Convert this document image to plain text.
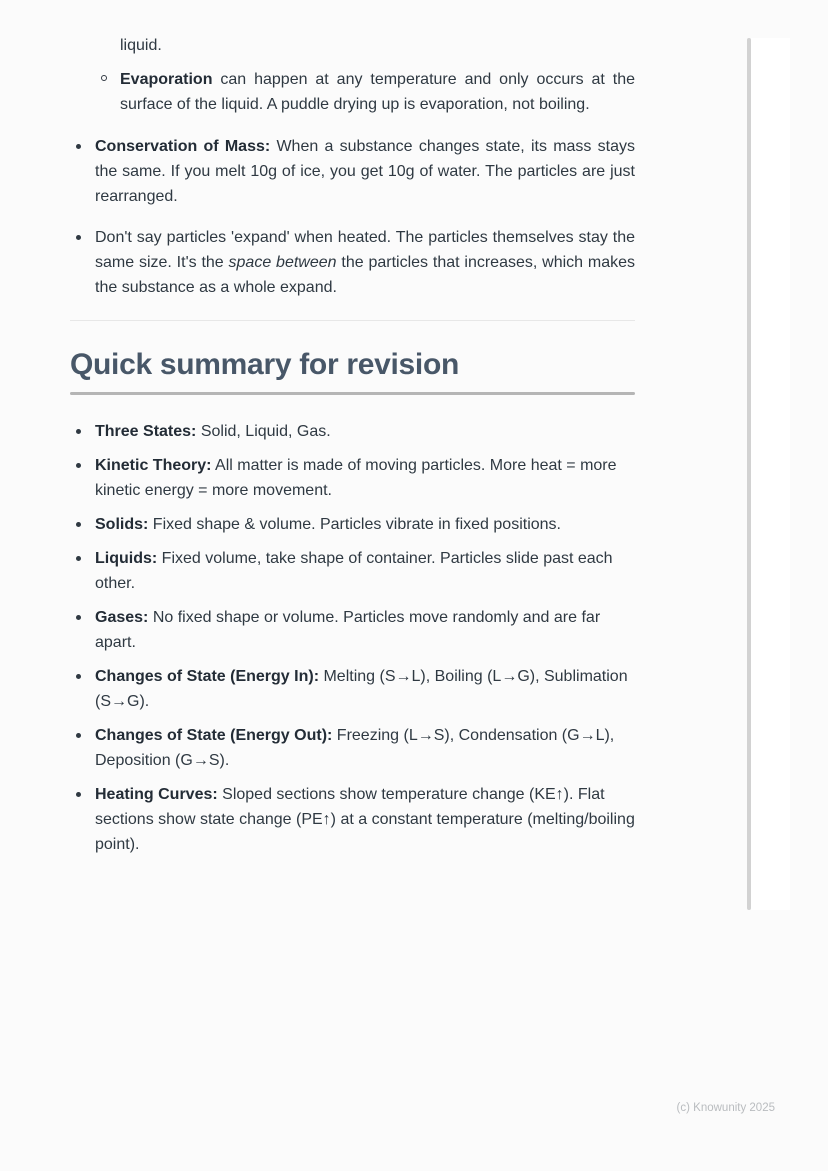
liquid.
Evaporation can happen at any temperature and only occurs at the surface of the liquid. A puddle drying up is evaporation, not boiling.
Conservation of Mass: When a substance changes state, its mass stays the same. If you melt 10g of ice, you get 10g of water. The particles are just rearranged.
Don't say particles 'expand' when heated. The particles themselves stay the same size. It's the space between the particles that increases, which makes the substance as a whole expand.
Quick summary for revision
Three States: Solid, Liquid, Gas.
Kinetic Theory: All matter is made of moving particles. More heat = more kinetic energy = more movement.
Solids: Fixed shape & volume. Particles vibrate in fixed positions.
Liquids: Fixed volume, take shape of container. Particles slide past each other.
Gases: No fixed shape or volume. Particles move randomly and are far apart.
Changes of State (Energy In): Melting (S→L), Boiling (L→G), Sublimation (S→G).
Changes of State (Energy Out): Freezing (L→S), Condensation (G→L), Deposition (G→S).
Heating Curves: Sloped sections show temperature change (KE↑). Flat sections show state change (PE↑) at a constant temperature (melting/boiling point).
(c) Knowunity 2025
